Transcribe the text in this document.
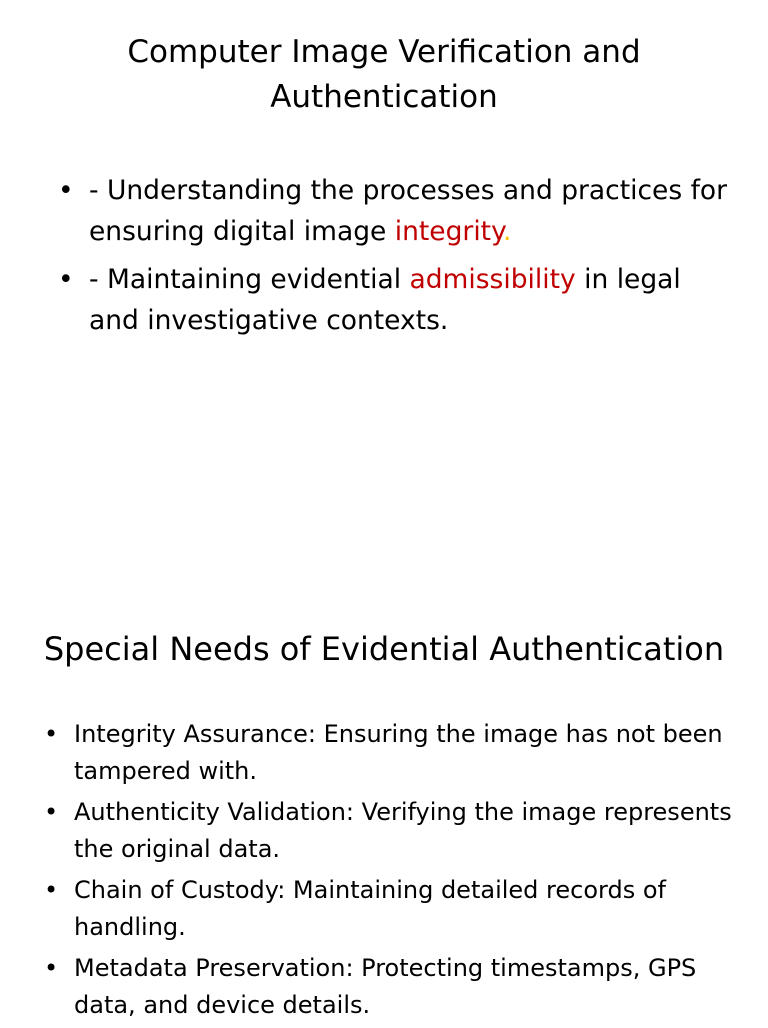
Computer Image Verification and Authentication
• - Understanding the processes and practices for ensuring digital image integrity.
• - Maintaining evidential admissibility in legal and investigative contexts.
Special Needs of Evidential Authentication
• Integrity Assurance: Ensuring the image has not been tampered with.
• Authenticity Validation: Verifying the image represents the original data.
• Chain of Custody: Maintaining detailed records of handling.
• Metadata Preservation: Protecting timestamps, GPS data, and device details.
